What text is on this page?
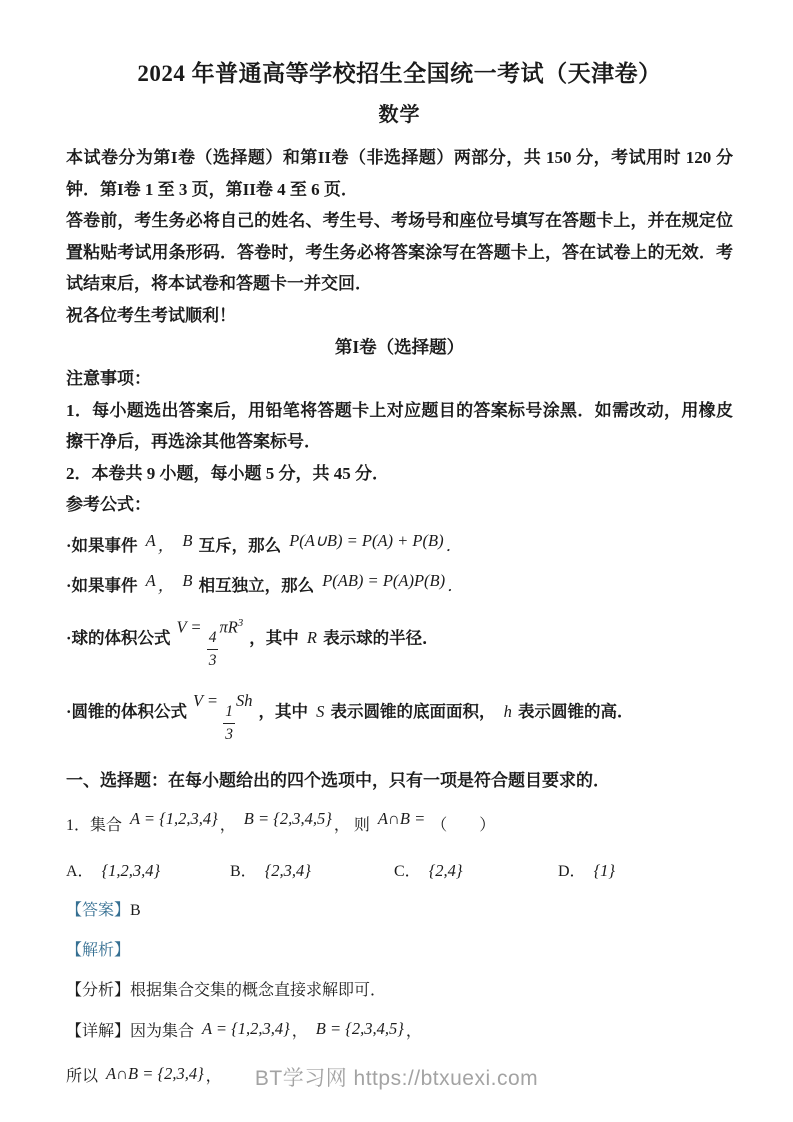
2024 年普通高等学校招生全国统一考试（天津卷）
数学

本试卷分为第I卷（选择题）和第II卷（非选择题）两部分，共 150 分，考试用时 120 分钟．第I卷 1 至 3 页，第II卷 4 至 6 页．

答卷前，考生务必将自己的姓名、考生号、考场号和座位号填写在答题卡上，并在规定位置粘贴考试用条形码．答卷时，考生务必将答案涂写在答题卡上，答在试卷上的无效．考试结束后，将本试卷和答题卡一并交回．

祝各位考生考试顺利！

第I卷（选择题）

注意事项：

1．每小题选出答案后，用铅笔将答题卡上对应题目的答案标号涂黑．如需改动，用橡皮擦干净后，再选涂其他答案标号．

2．本卷共 9 小题，每小题 5 分，共 45 分．

参考公式：

·如果事件 A ， B 互斥，那么 P(A∪B) = P(A) + P(B) ．

·如果事件 A ， B 相互独立，那么 P(AB) = P(A)P(B) ．

·球的体积公式V =
$\frac{4}{3}$
$\pi R^3$，其中 R 表示球的半径．

·圆锥的体积公式V =
$\frac{1}{3}$
Sh，其中 S 表示圆锥的底面面积， h 表示圆锥的高．

一、选择题：在每小题给出的四个选项中，只有一项是符合题目要求的．

1．集合 A = {1,2,3,4} ， B = {2,3,4,5} ， 则 A∩B = （　　）

A． {1,2,3,4}	B． {2,3,4}	C． {2,4}	D． {1}

【答案】B

【解析】

【分析】根据集合交集的概念直接求解即可．

【详解】因为集合 A = {1,2,3,4} ， B = {2,3,4,5} ，

所以 A∩B = {2,3,4} ，	BT学习网 https://btxuexi.com
